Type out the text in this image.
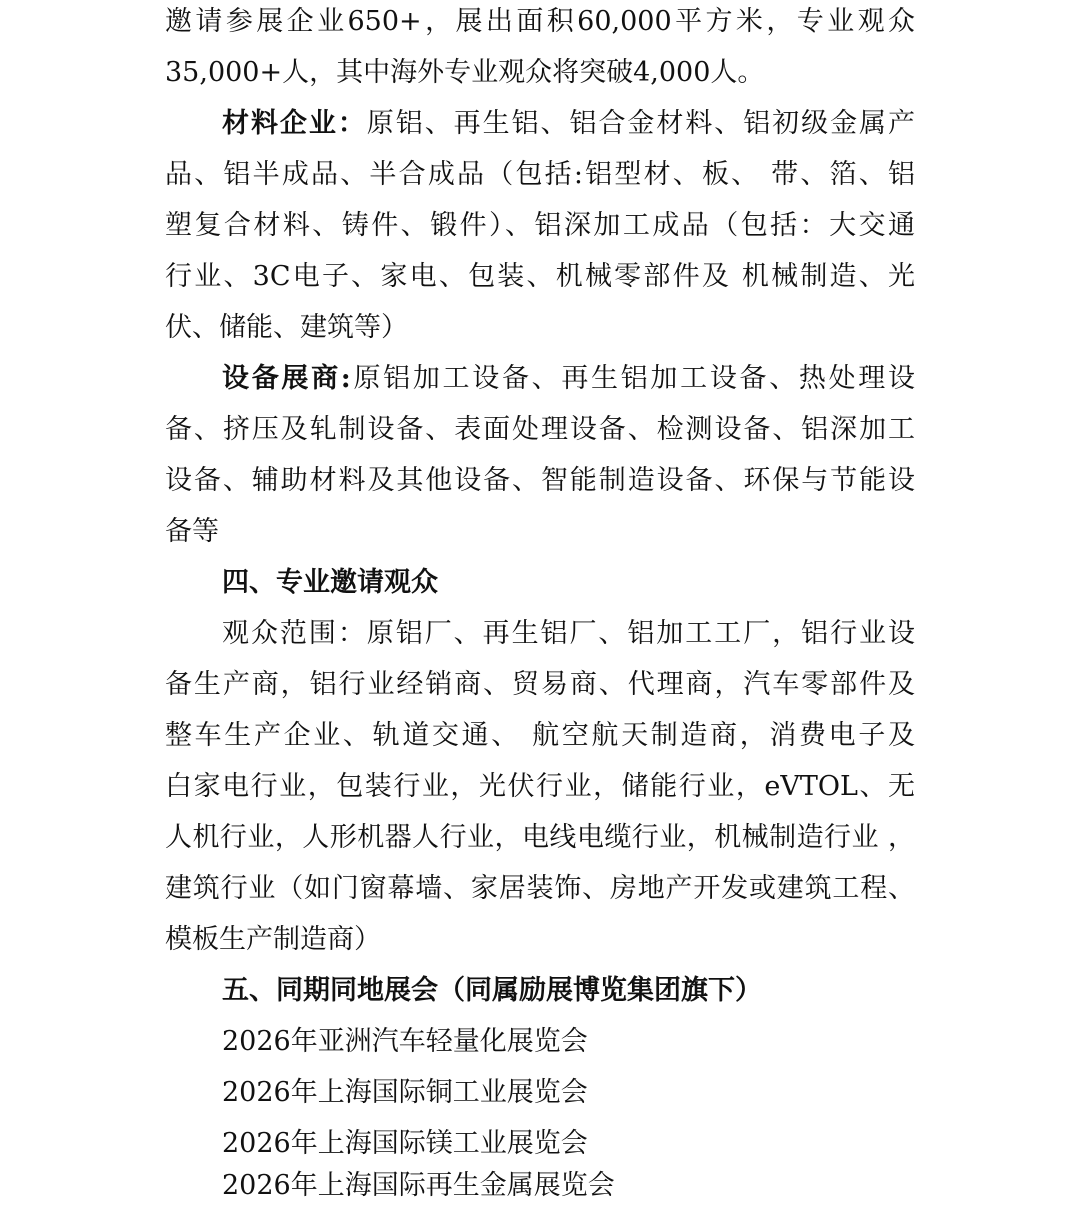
邀请参展企业650+，展出面积60,000平方米，专业观众
35,000+人，其中海外专业观众将突破4,000人。
材料企业：原铝、再生铝、铝合金材料、铝初级金属产
品、铝半成品、半合成品（包括:铝型材、板、 带、箔、铝
塑复合材料、铸件、锻件）、铝深加工成品（包括：大交通
行业、3C电子、家电、包装、机械零部件及 机械制造、光
伏、储能、建筑等）
设备展商:原铝加工设备、再生铝加工设备、热处理设
备、挤压及轧制设备、表面处理设备、检测设备、铝深加工
设备、辅助材料及其他设备、智能制造设备、环保与节能设
备等
四、专业邀请观众
观众范围：原铝厂、再生铝厂、铝加工工厂，铝行业设
备生产商，铝行业经销商、贸易商、代理商，汽车零部件及
整车生产企业、轨道交通、 航空航天制造商，消费电子及
白家电行业，包装行业，光伏行业，储能行业，eVTOL、无
人机行业，人形机器人行业，电线电缆行业，机械制造行业 ，
建筑行业（如门窗幕墙、家居装饰、房地产开发或建筑工程、
模板生产制造商）
五、同期同地展会（同属励展博览集团旗下）
2026年亚洲汽车轻量化展览会
2026年上海国际铜工业展览会
2026年上海国际镁工业展览会
2026年上海国际再生金属展览会
